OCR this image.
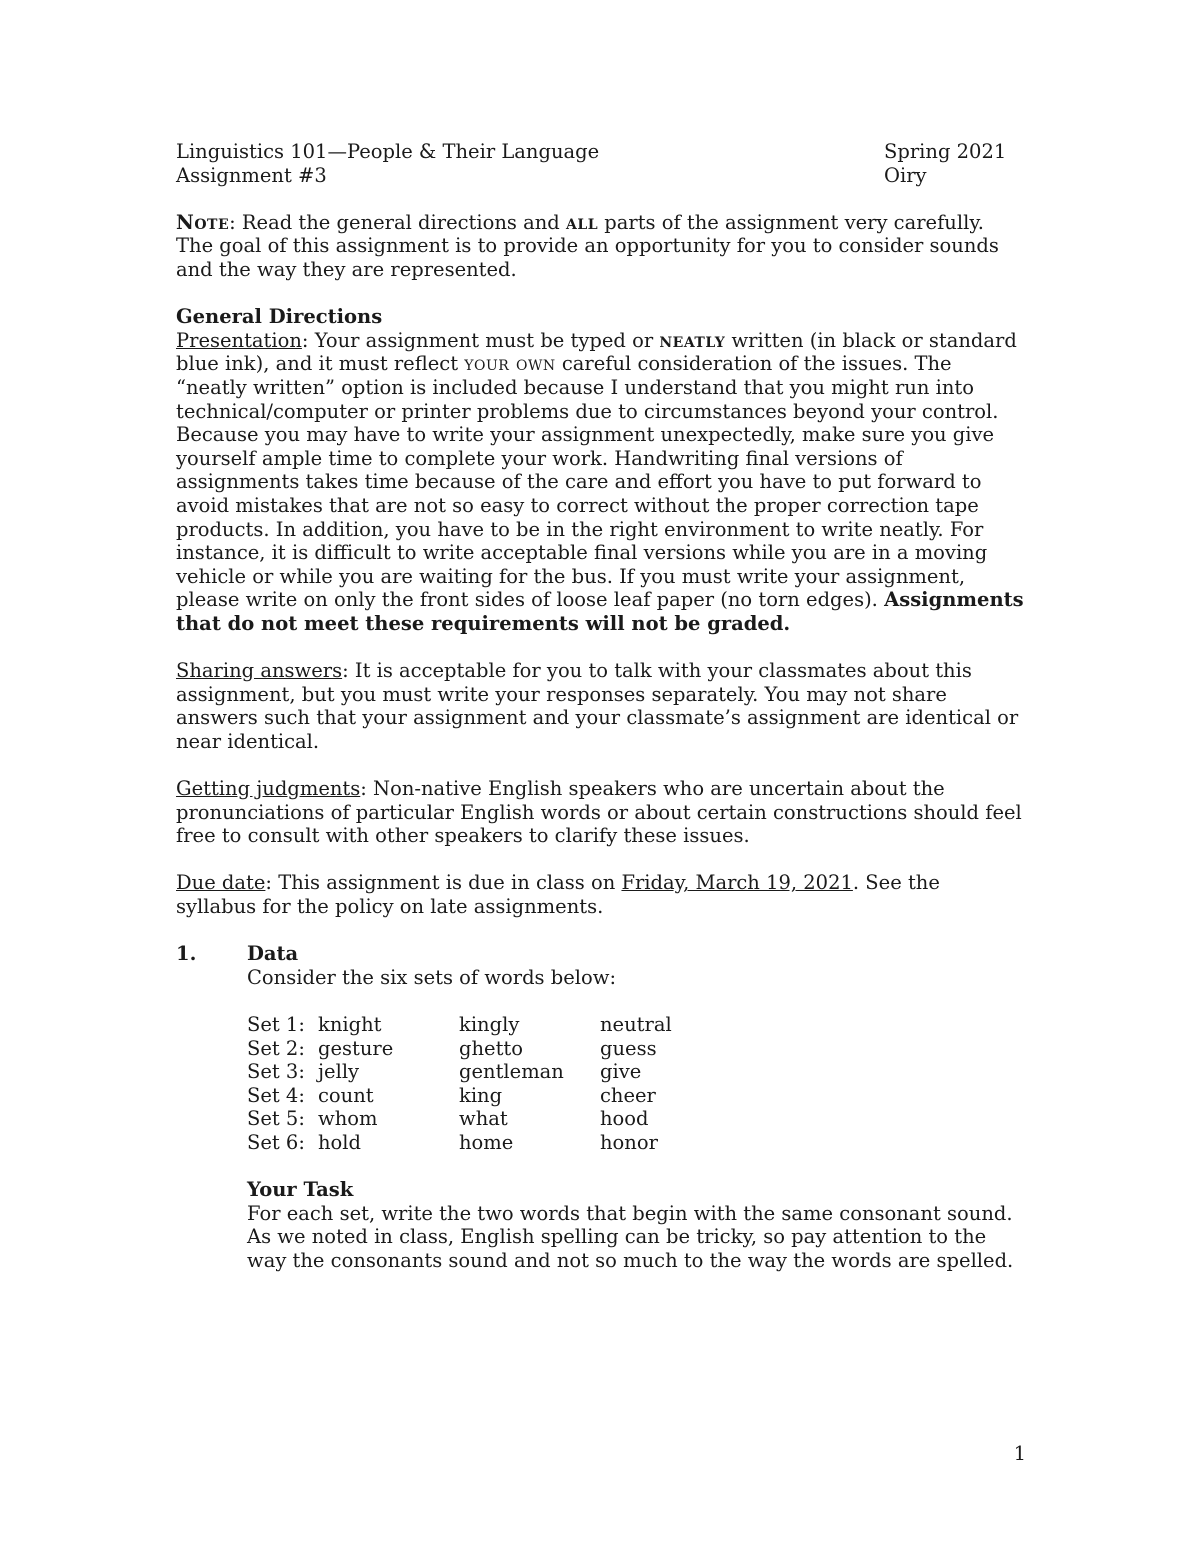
Linguistics 101—People & Their Language	Spring 2021
Assignment #3	Oiry

Note: Read the general directions and all parts of the assignment very carefully. The goal of this assignment is to provide an opportunity for you to consider sounds and the way they are represented.

General Directions

Presentation: Your assignment must be typed or neatly written (in black or standard blue ink), and it must reflect your own careful consideration of the issues. The “neatly written” option is included because I understand that you might run into technical/computer or printer problems due to circumstances beyond your control. Because you may have to write your assignment unexpectedly, make sure you give yourself ample time to complete your work. Handwriting final versions of assignments takes time because of the care and effort you have to put forward to avoid mistakes that are not so easy to correct without the proper correction tape products. In addition, you have to be in the right environment to write neatly. For instance, it is difficult to write acceptable final versions while you are in a moving vehicle or while you are waiting for the bus. If you must write your assignment, please write on only the front sides of loose leaf paper (no torn edges). Assignments that do not meet these requirements will not be graded.

Sharing answers: It is acceptable for you to talk with your classmates about this assignment, but you must write your responses separately. You may not share answers such that your assignment and your classmate’s assignment are identical or near identical.

Getting judgments: Non-native English speakers who are uncertain about the pronunciations of particular English words or about certain constructions should feel free to consult with other speakers to clarify these issues.

Due date: This assignment is due in class on Friday, March 19, 2021. See the syllabus for the policy on late assignments.

1.	Data

Consider the six sets of words below:

Set 1:	knight	kingly	neutral
Set 2:	gesture	ghetto	guess
Set 3:	jelly	gentleman	give
Set 4:	count	king	cheer
Set 5:	whom	what	hood
Set 6:	hold	home	honor

Your Task

For each set, write the two words that begin with the same consonant sound. As we noted in class, English spelling can be tricky, so pay attention to the way the consonants sound and not so much to the way the words are spelled.

1
